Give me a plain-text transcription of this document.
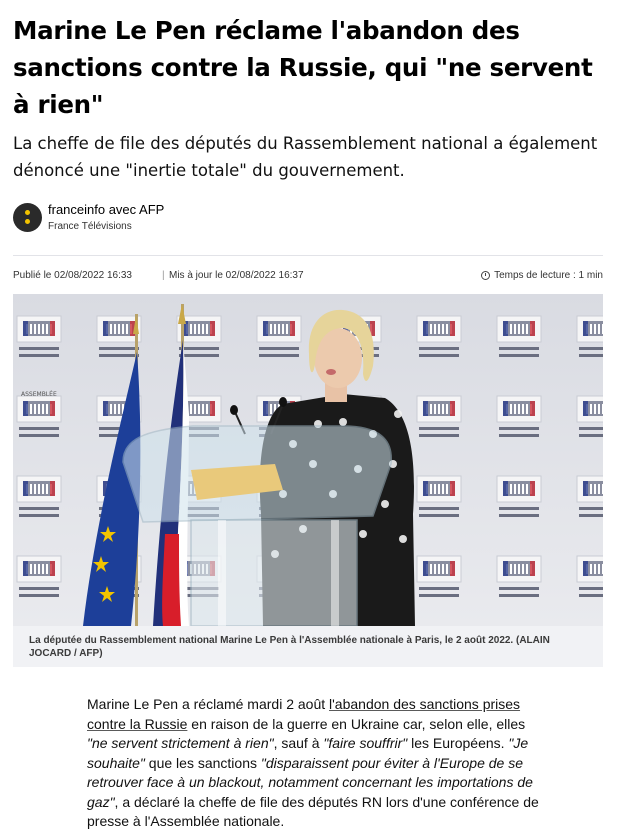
Marine Le Pen réclame l'abandon des sanctions contre la Russie, qui "ne servent à rien"

La cheffe de file des députés du Rassemblement national a également dénoncé une "inertie totale" du gouvernement.

franceinfo avec AFP
France Télévisions
Publié le 02/08/2022 16:33	| Mis à jour le 02/08/2022 16:37	Temps de lecture : 1 min
ASSEMBLÉE

La députée du Rassemblement national Marine Le Pen à l'Assemblée nationale à Paris, le 2 août 2022. (ALAIN JOCARD / AFP)

Marine Le Pen a réclamé mardi 2 août l'abandon des sanctions prises contre la Russie en raison de la guerre en Ukraine car, selon elle, elles "ne servent strictement à rien", sauf à "faire souffrir" les Européens. "Je souhaite" que les sanctions "disparaissent pour éviter à l'Europe de se retrouver face à un blackout, notamment concernant les importations de gaz", a déclaré la cheffe de file des députés RN lors d'une conférence de presse à l'Assemblée nationale.
